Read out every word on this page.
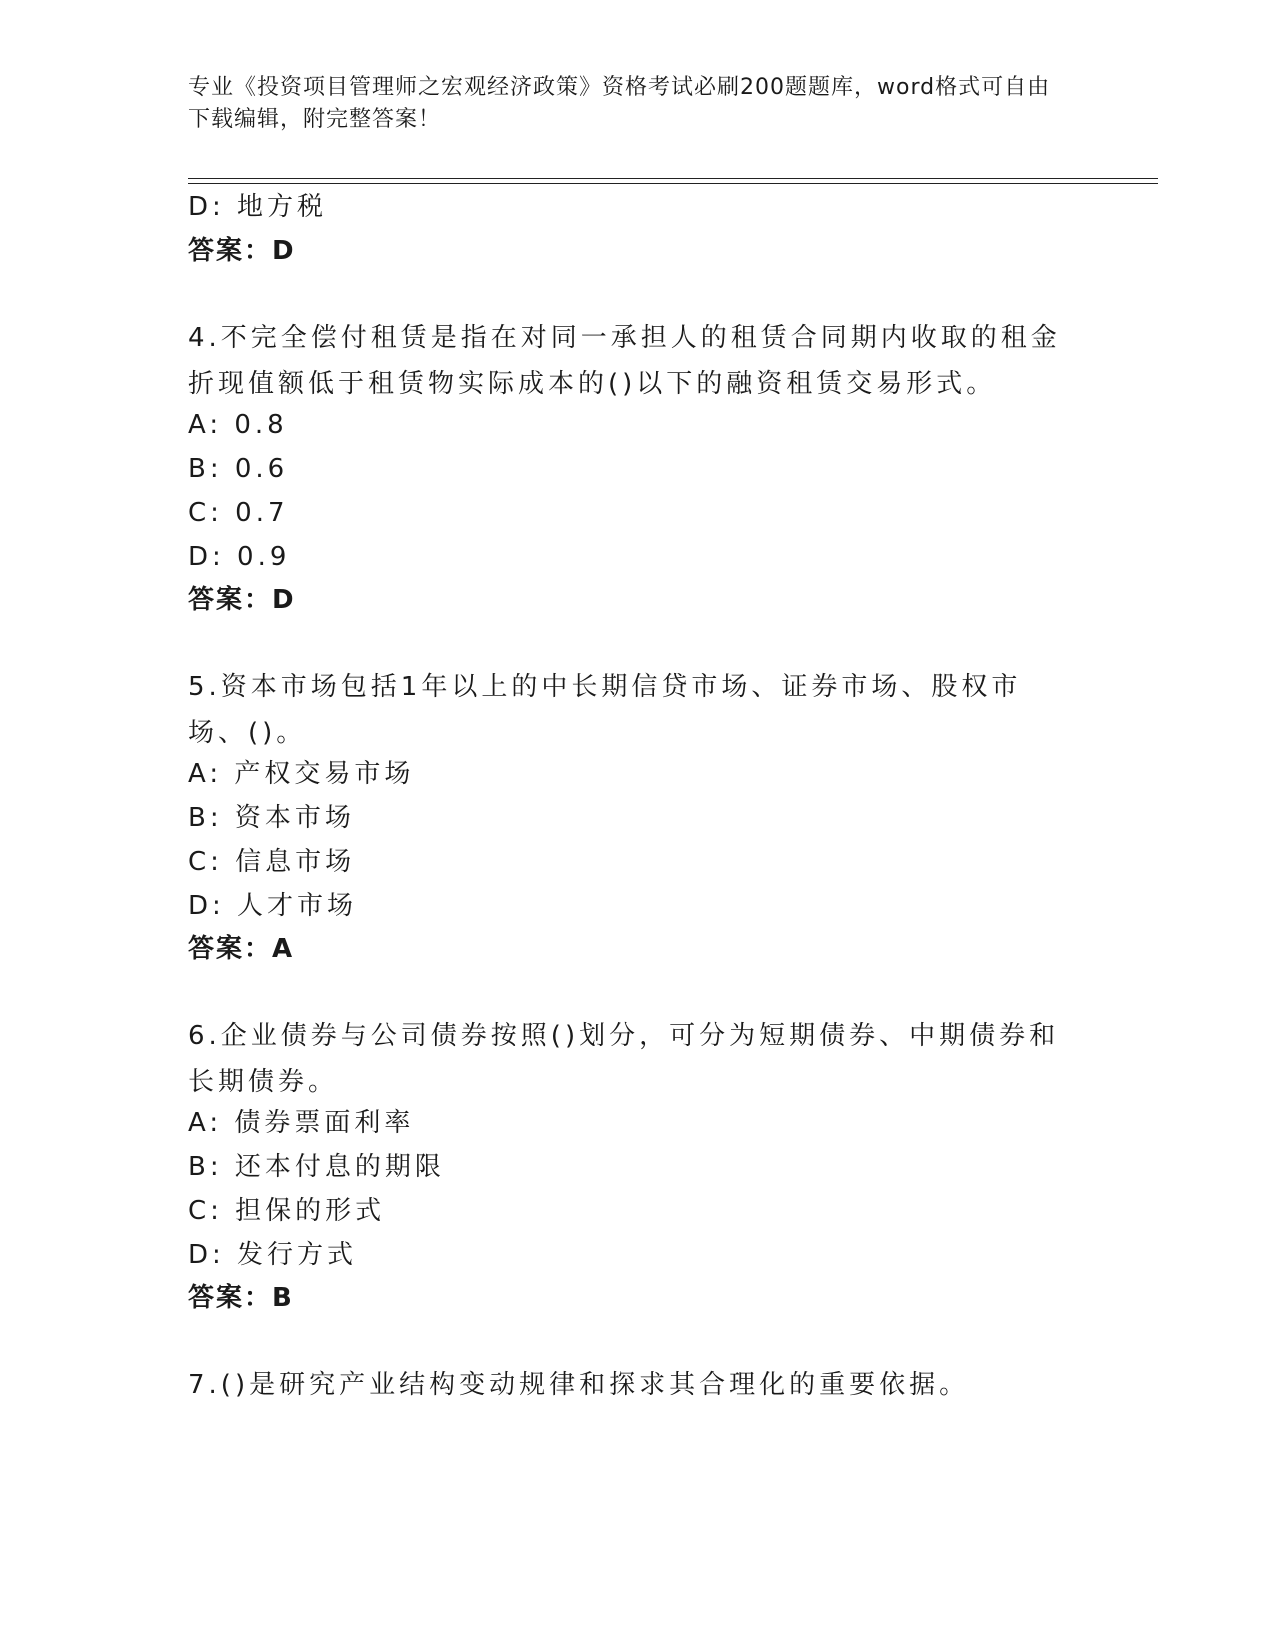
专业《投资项目管理师之宏观经济政策》资格考试必刷200题题库，word格式可自由下载编辑，附完整答案！
D: 地方税
答案：D
4.不完全偿付租赁是指在对同一承担人的租赁合同期内收取的租金折现值额低于租赁物实际成本的()以下的融资租赁交易形式。
A: 0.8
B: 0.6
C: 0.7
D: 0.9
答案：D
5.资本市场包括1年以上的中长期信贷市场、证券市场、股权市场、()。
A: 产权交易市场
B: 资本市场
C: 信息市场
D: 人才市场
答案：A
6.企业债券与公司债券按照()划分，可分为短期债券、中期债券和长期债券。
A: 债券票面利率
B: 还本付息的期限
C: 担保的形式
D: 发行方式
答案：B
7.()是研究产业结构变动规律和探求其合理化的重要依据。
